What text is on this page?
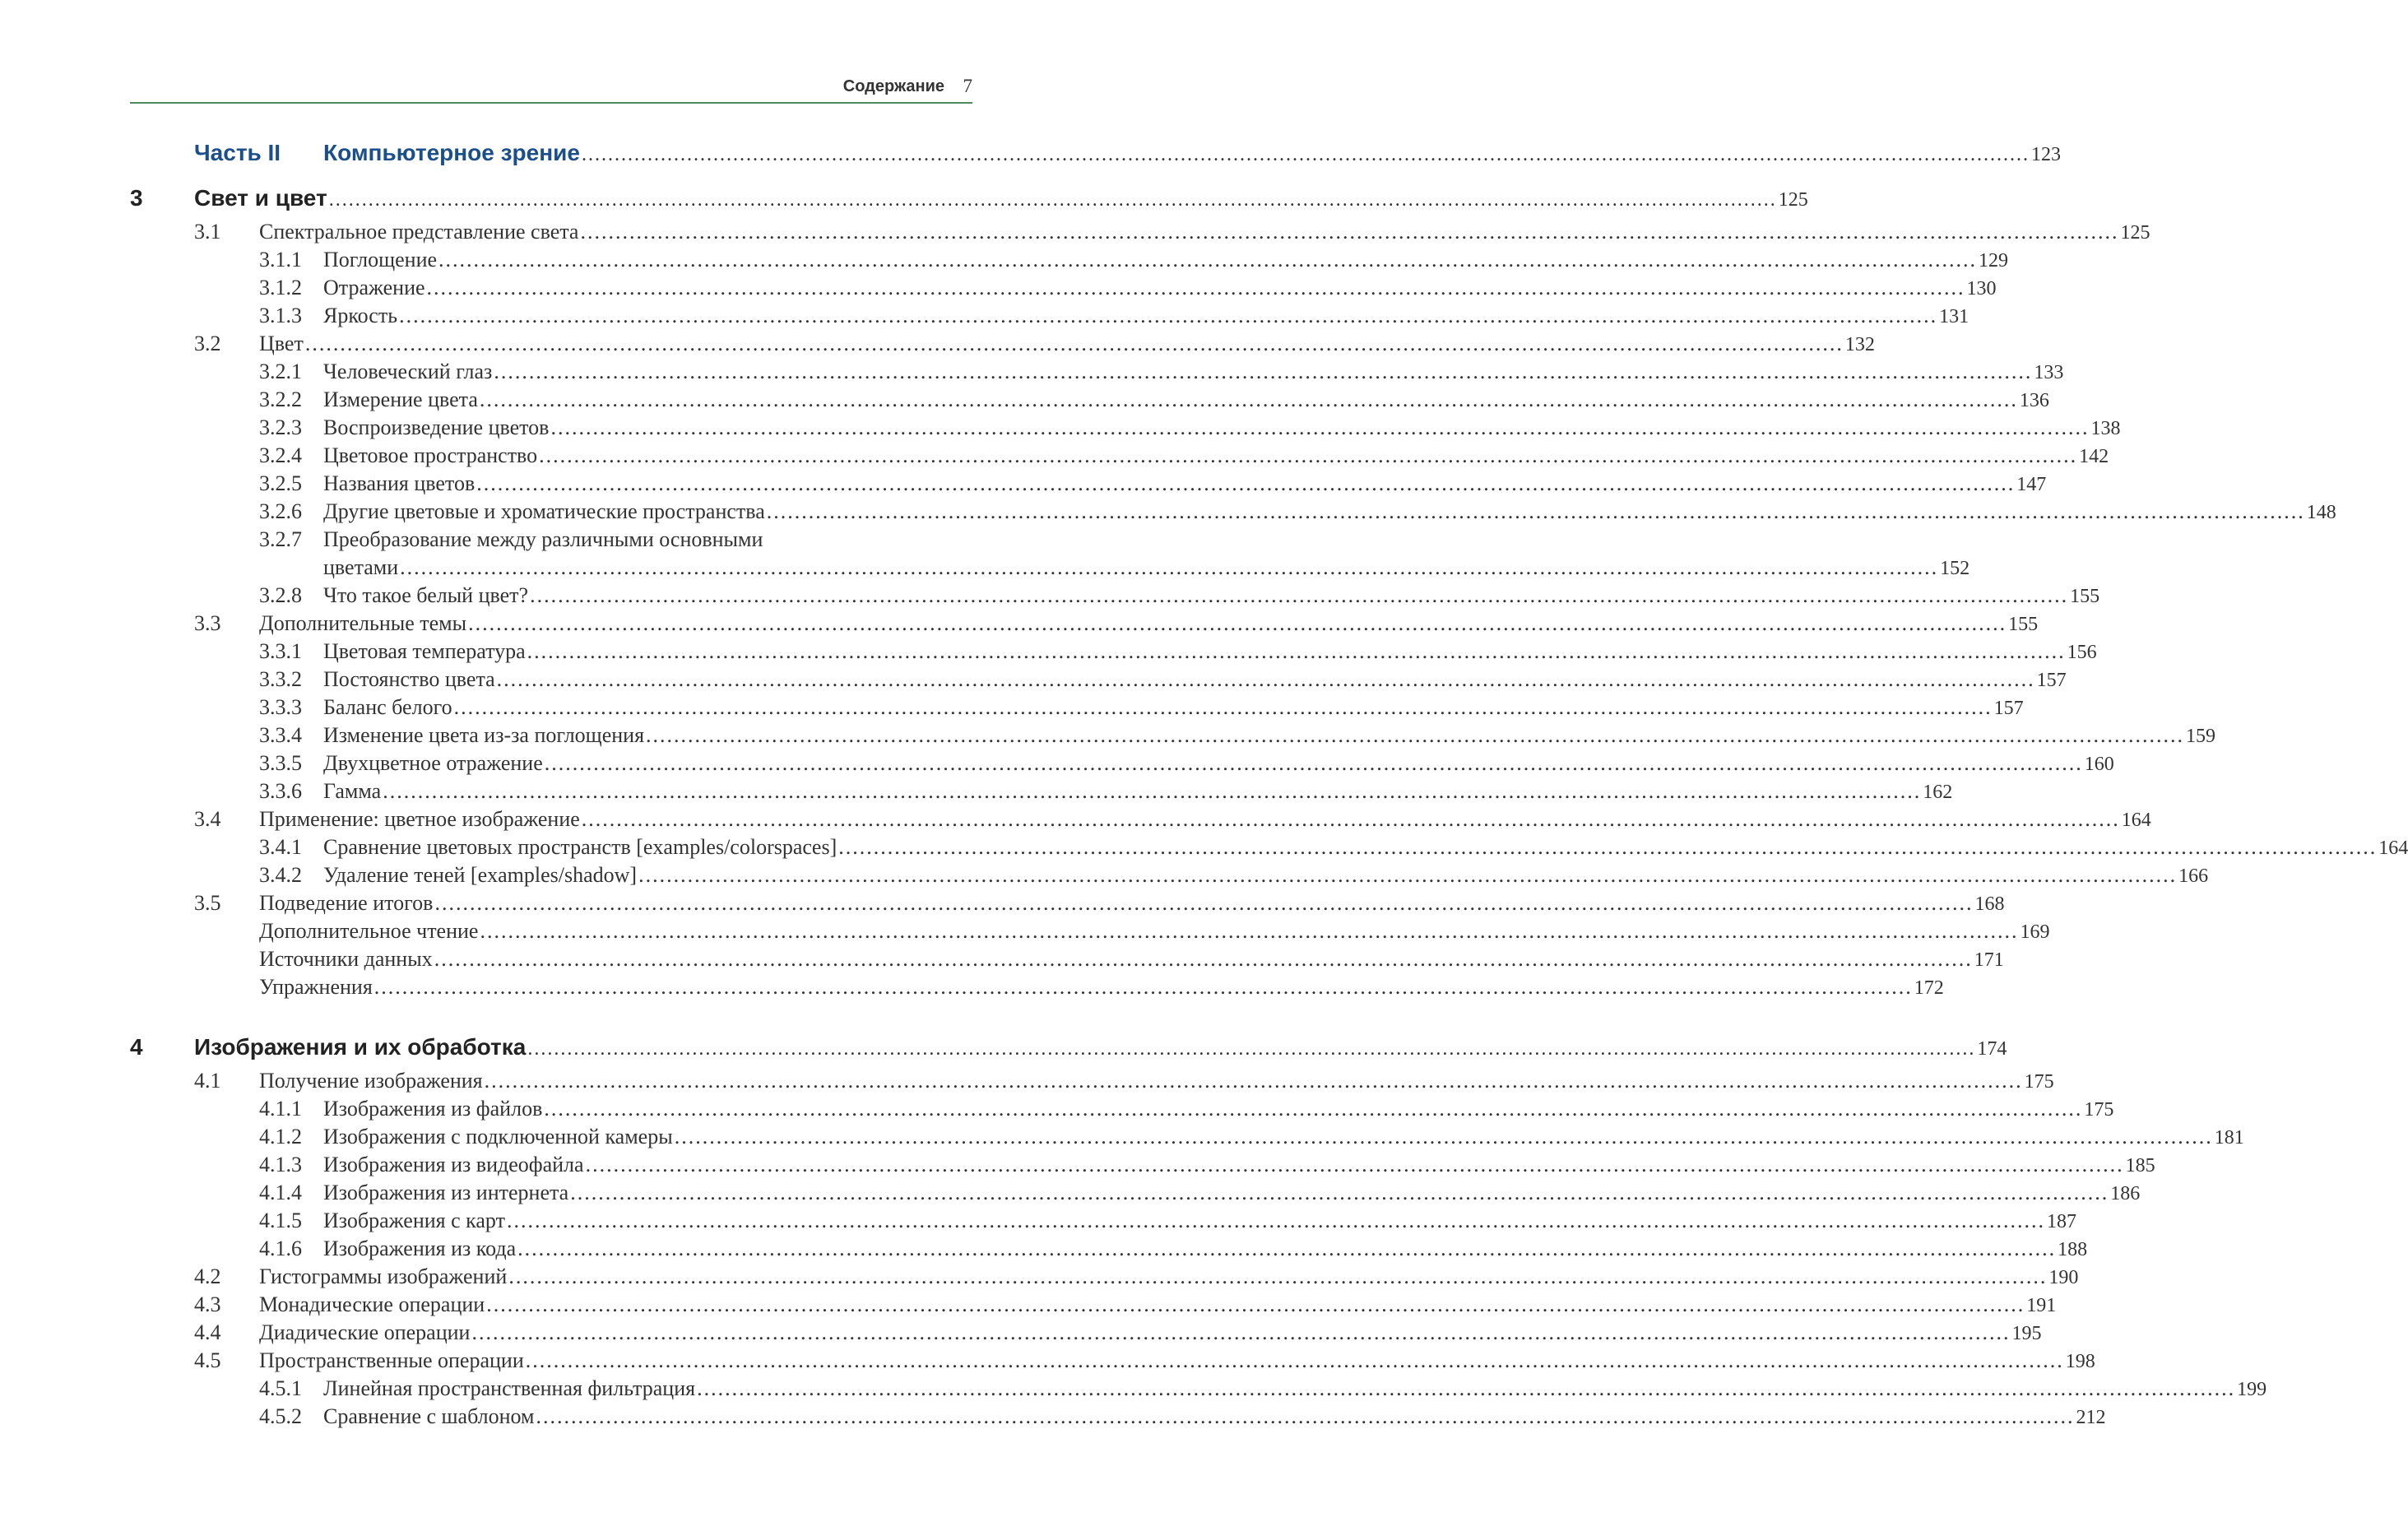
Содержание 7
Часть II Компьютерное зрение ............................................................................................................................................................................................................................ 123
3 Свет и цвет ............................................................................................................................................................................................................................ 125
3.1 Спектральное представление света ............................................................................................................................................................................................................................ 125
3.1.1 Поглощение ............................................................................................................................................................................................................................ 129
3.1.2 Отражение ............................................................................................................................................................................................................................ 130
3.1.3 Яркость ............................................................................................................................................................................................................................ 131
3.2 Цвет ............................................................................................................................................................................................................................ 132
3.2.1 Человеческий глаз ............................................................................................................................................................................................................................ 133
3.2.2 Измерение цвета ............................................................................................................................................................................................................................ 136
3.2.3 Воспроизведение цветов ............................................................................................................................................................................................................................ 138
3.2.4 Цветовое пространство ............................................................................................................................................................................................................................ 142
3.2.5 Названия цветов ............................................................................................................................................................................................................................ 147
3.2.6 Другие цветовые и хроматические пространства ............................................................................................................................................................................................................................ 148
3.2.7 Преобразование между различными основными
цветами ............................................................................................................................................................................................................................ 152
3.2.8 Что такое белый цвет? ............................................................................................................................................................................................................................ 155
3.3 Дополнительные темы ............................................................................................................................................................................................................................ 155
3.3.1 Цветовая температура ............................................................................................................................................................................................................................ 156
3.3.2 Постоянство цвета ............................................................................................................................................................................................................................ 157
3.3.3 Баланс белого ............................................................................................................................................................................................................................ 157
3.3.4 Изменение цвета из-за поглощения ............................................................................................................................................................................................................................ 159
3.3.5 Двухцветное отражение ............................................................................................................................................................................................................................ 160
3.3.6 Гамма ............................................................................................................................................................................................................................ 162
3.4 Применение: цветное изображение ............................................................................................................................................................................................................................ 164
3.4.1 Сравнение цветовых пространств [examples/colorspaces] ............................................................................................................................................................................................................................ 164
3.4.2 Удаление теней [examples/shadow] ............................................................................................................................................................................................................................ 166
3.5 Подведение итогов ............................................................................................................................................................................................................................ 168
Дополнительное чтение ............................................................................................................................................................................................................................ 169
Источники данных ............................................................................................................................................................................................................................ 171
Упражнения ............................................................................................................................................................................................................................ 172
4 Изображения и их обработка ............................................................................................................................................................................................................................ 174
4.1 Получение изображения ............................................................................................................................................................................................................................ 175
4.1.1 Изображения из файлов ............................................................................................................................................................................................................................ 175
4.1.2 Изображения с подключенной камеры ............................................................................................................................................................................................................................ 181
4.1.3 Изображения из видеофайла ............................................................................................................................................................................................................................ 185
4.1.4 Изображения из интернета ............................................................................................................................................................................................................................ 186
4.1.5 Изображения с карт ............................................................................................................................................................................................................................ 187
4.1.6 Изображения из кода ............................................................................................................................................................................................................................ 188
4.2 Гистограммы изображений ............................................................................................................................................................................................................................ 190
4.3 Монадические операции ............................................................................................................................................................................................................................ 191
4.4 Диадические операции ............................................................................................................................................................................................................................ 195
4.5 Пространственные операции ............................................................................................................................................................................................................................ 198
4.5.1 Линейная пространственная фильтрация ............................................................................................................................................................................................................................ 199
4.5.2 Сравнение с шаблоном ............................................................................................................................................................................................................................ 212
